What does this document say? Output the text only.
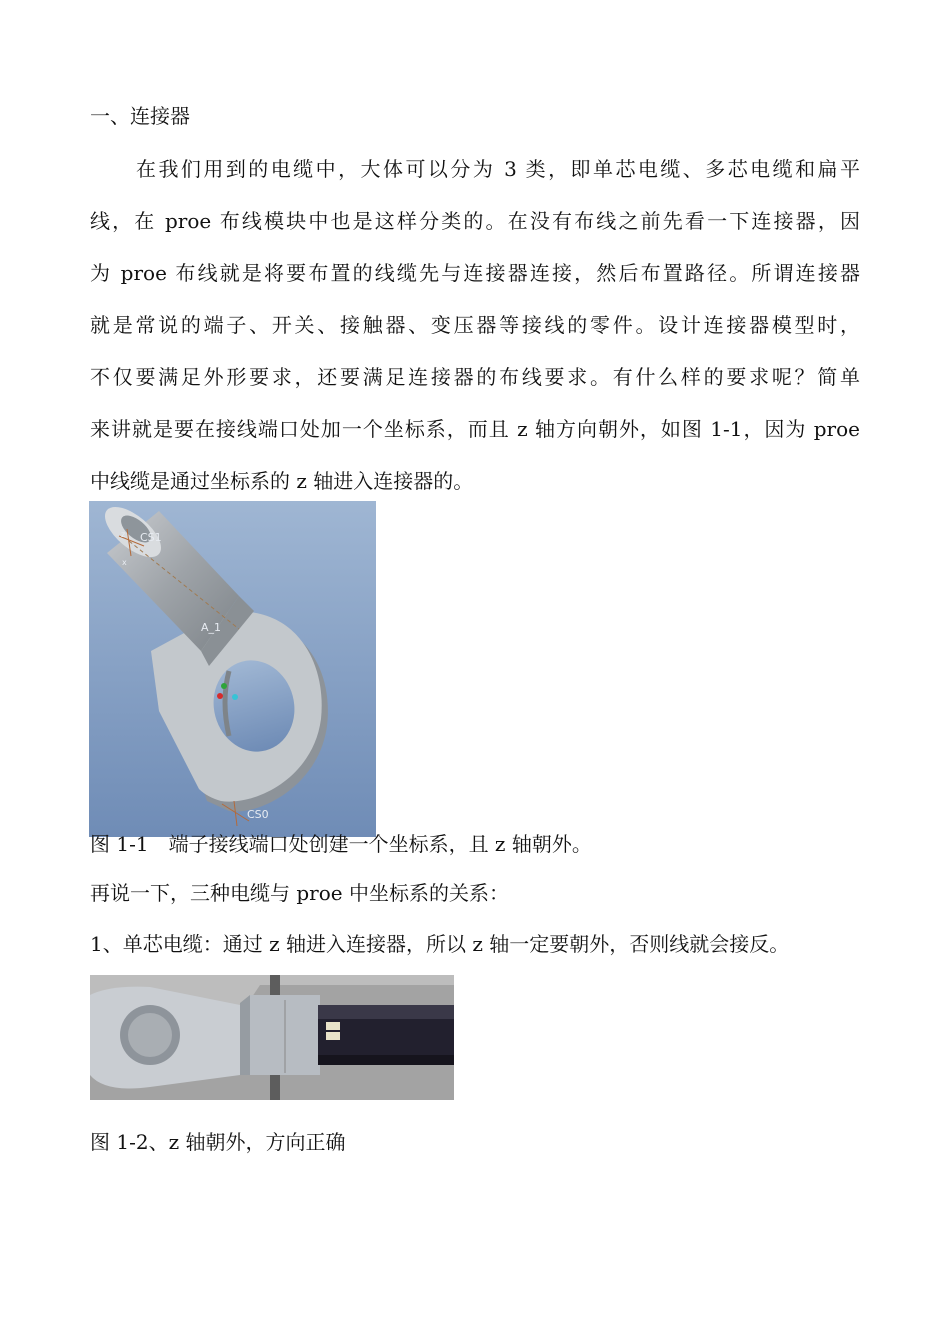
一、连接器
在我们用到的电缆中，大体可以分为 3 类，即单芯电缆、多芯电缆和扁平
线，在 proe 布线模块中也是这样分类的。在没有布线之前先看一下连接器，因
为 proe 布线就是将要布置的线缆先与连接器连接，然后布置路径。所谓连接器
就是常说的端子、开关、接触器、变压器等接线的零件。设计连接器模型时，
不仅要满足外形要求，还要满足连接器的布线要求。有什么样的要求呢？简单
来讲就是要在接线端口处加一个坐标系，而且 z 轴方向朝外，如图 1-1，因为 proe
中线缆是通过坐标系的 z 轴进入连接器的。
CS1
z
x
A_1
CS0
图 1-1　端子接线端口处创建一个坐标系，且 z 轴朝外。
再说一下，三种电缆与 proe 中坐标系的关系：
1、单芯电缆：通过 z 轴进入连接器，所以 z 轴一定要朝外，否则线就会接反。
图 1-2、z 轴朝外，方向正确
